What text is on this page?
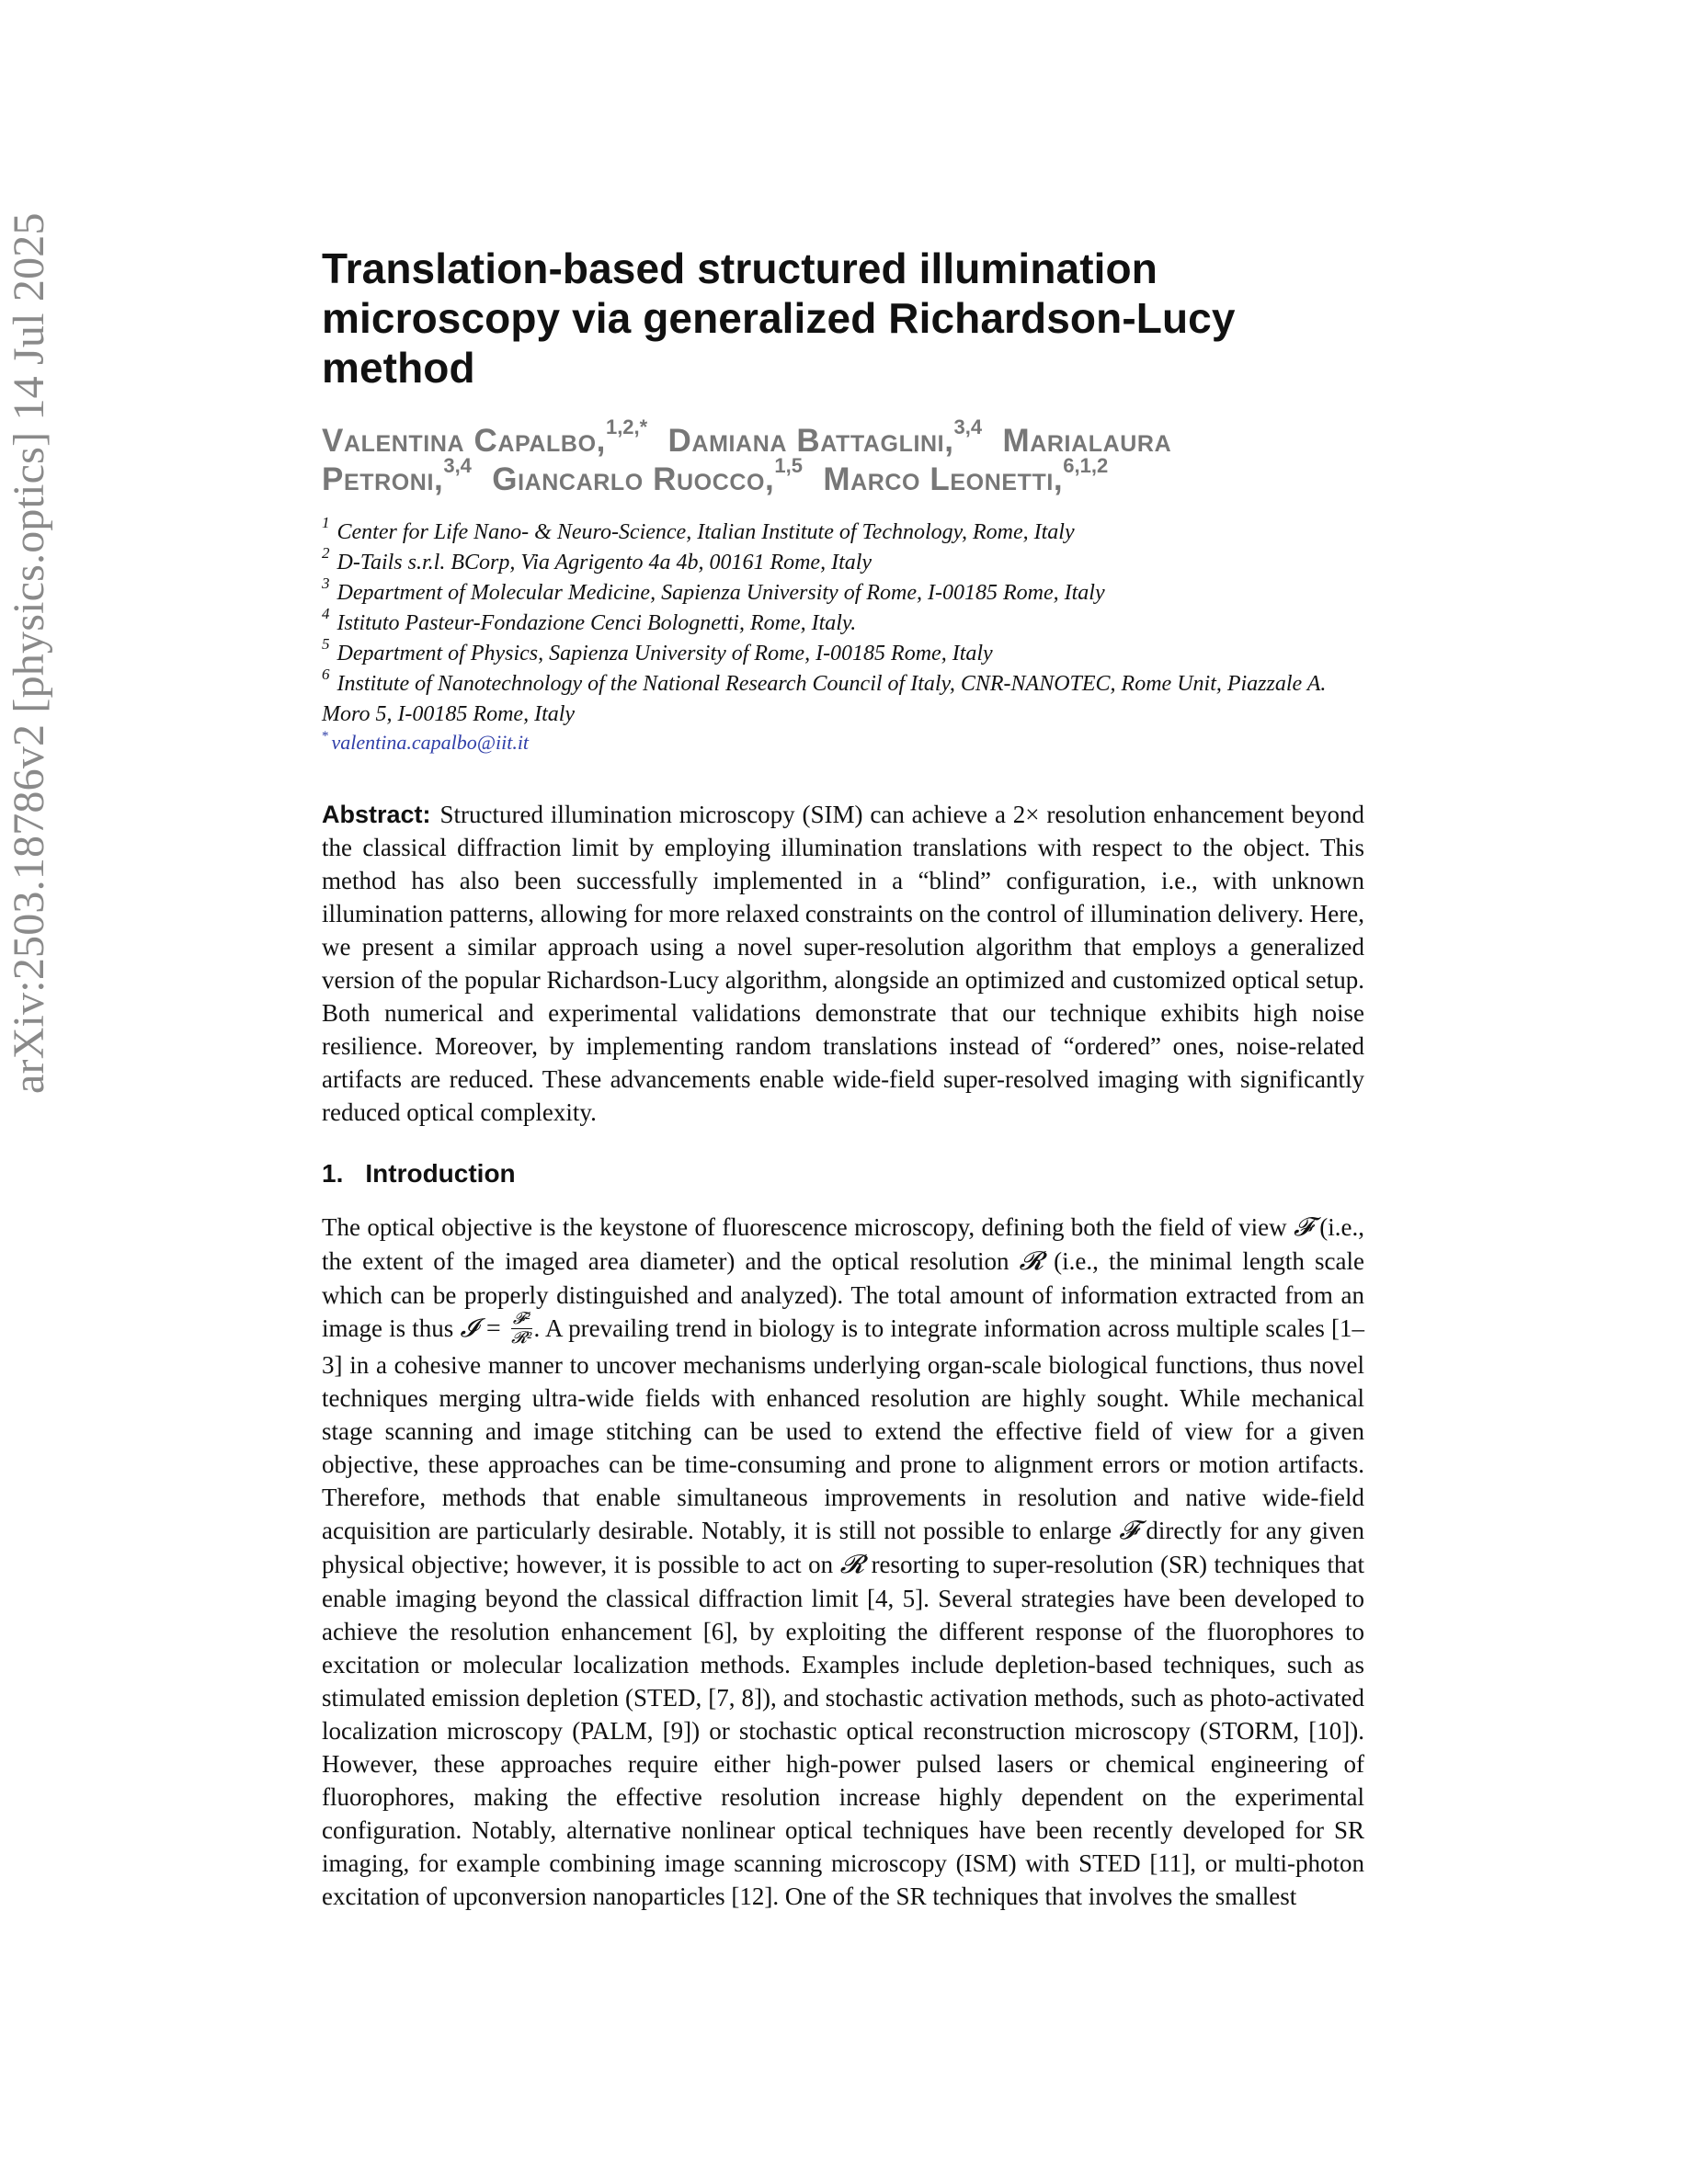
arXiv:2503.18786v2 [physics.optics] 14 Jul 2025	Translation-based structured illumination microscopy via generalized Richardson-Lucy method
Valentina Capalbo,$^{1,2,*}$ Damiana Battaglini,$^{3,4}$ Marialaura
Petroni,$^{3,4}$ Giancarlo Ruocco,$^{1,5}$ Marco Leonetti,$^{6,1,2}$
$^1$ Center for Life Nano- & Neuro-Science, Italian Institute of Technology, Rome, Italy
$^2$ D-Tails s.r.l. BCorp, Via Agrigento 4a 4b, 00161 Rome, Italy
$^3$ Department of Molecular Medicine, Sapienza University of Rome, I-00185 Rome, Italy
$^4$ Istituto Pasteur-Fondazione Cenci Bolognetti, Rome, Italy.
$^5$ Department of Physics, Sapienza University of Rome, I-00185 Rome, Italy
$^6$ Institute of Nanotechnology of the National Research Council of Italy, CNR-NANOTEC, Rome Unit, Piazzale A. Moro 5, I-00185 Rome, Italy
* valentina.capalbo@iit.it
Abstract: Structured illumination microscopy (SIM) can achieve a 2× resolution enhancement beyond the classical diffraction limit by employing illumination translations with respect to the object. This method has also been successfully implemented in a “blind” configuration, i.e., with unknown illumination patterns, allowing for more relaxed constraints on the control of illumination delivery. Here, we present a similar approach using a novel super-resolution algorithm that employs a generalized version of the popular Richardson-Lucy algorithm, alongside an optimized and customized optical setup. Both numerical and experimental validations demonstrate that our technique exhibits high noise resilience. Moreover, by implementing random translations instead of “ordered” ones, noise-related artifacts are reduced. These advancements enable wide-field super-resolved imaging with significantly reduced optical complexity.
1. Introduction

The optical objective is the keystone of fluorescence microscopy, defining both the field of view 𝓕 (i.e., the extent of the imaged area diameter) and the optical resolution 𝓡 (i.e., the minimal length scale which can be properly distinguished and analyzed). The total amount of information extracted from an image is thus 𝓘 = $\frac{\text{𝓕²}}{\text{𝓡²}}$ . A prevailing trend in biology is to integrate information across multiple scales [1–3] in a cohesive manner to uncover mechanisms underlying organ-scale biological functions, thus novel techniques merging ultra-wide fields with enhanced resolution are highly sought. While mechanical stage scanning and image stitching can be used to extend the effective field of view for a given objective, these approaches can be time-consuming and prone to alignment errors or motion artifacts. Therefore, methods that enable simultaneous improvements in resolution and native wide-field acquisition are particularly desirable. Notably, it is still not possible to enlarge 𝓕 directly for any given physical objective; however, it is possible to act on 𝓡 resorting to super-resolution (SR) techniques that enable imaging beyond the classical diffraction limit [4, 5]. Several strategies have been developed to achieve the resolution enhancement [6], by exploiting the different response of the fluorophores to excitation or molecular localization methods. Examples include depletion-based techniques, such as stimulated emission depletion (STED, [7, 8]), and stochastic activation methods, such as photo-activated localization microscopy (PALM, [9]) or stochastic optical reconstruction microscopy (STORM, [10]). However, these approaches require either high-power pulsed lasers or chemical engineering of fluorophores, making the effective resolution increase highly dependent on the experimental configuration. Notably, alternative nonlinear optical techniques have been recently developed for SR imaging, for example combining image scanning microscopy (ISM) with STED [11], or multi-photon excitation of upconversion nanoparticles [12]. One of the SR techniques that involves the smallest
